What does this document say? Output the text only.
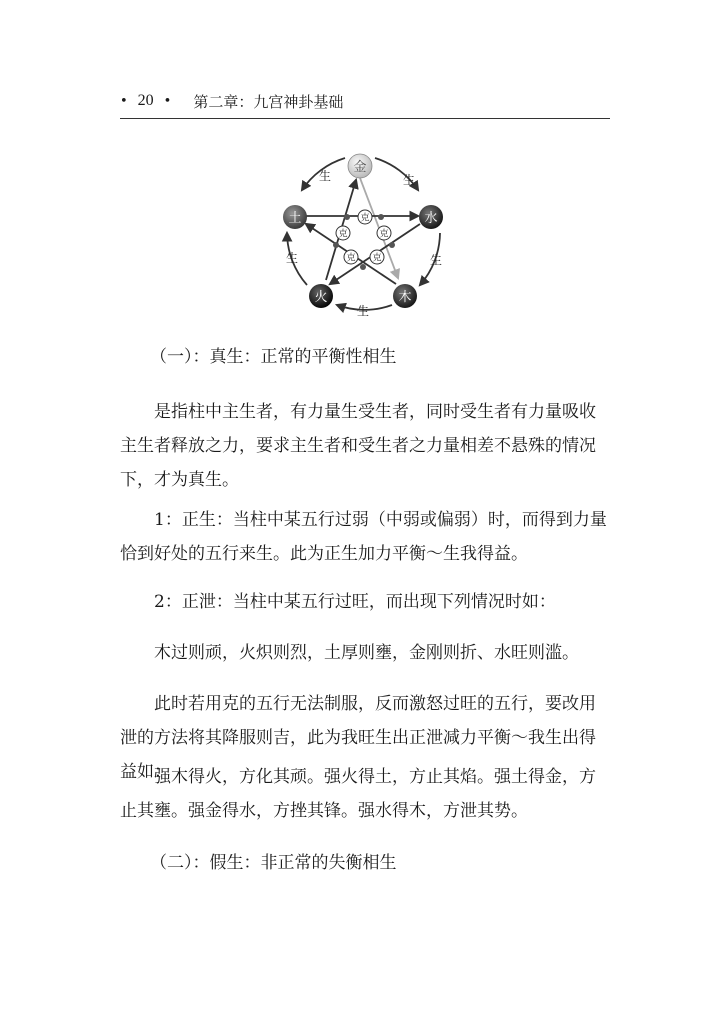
• 20 • 第二章：九宫神卦基础
生	生
生	生
生
克
克	克
克 克
金
水
木
火
土

（一）：真生：正常的平衡性相生

是指柱中主生者，有力量生受生者，同时受生者有力量吸收主生者释放之力，要求主生者和受生者之力量相差不悬殊的情况下，才为真生。

1：正生：当柱中某五行过弱（中弱或偏弱）时，而得到力量恰到好处的五行来生。此为正生加力平衡～生我得益。

2：正泄：当柱中某五行过旺，而出现下列情况时如：

木过则顽，火炽则烈，土厚则壅，金刚则折、水旺则滥。

此时若用克的五行无法制服，反而激怒过旺的五行，要改用泄的方法将其降服则吉，此为我旺生出正泄减力平衡～我生出得益如：

强木得火，方化其顽。强火得土，方止其焰。强土得金，方止其壅。强金得水，方挫其锋。强水得木，方泄其势。

（二）：假生：非正常的失衡相生
